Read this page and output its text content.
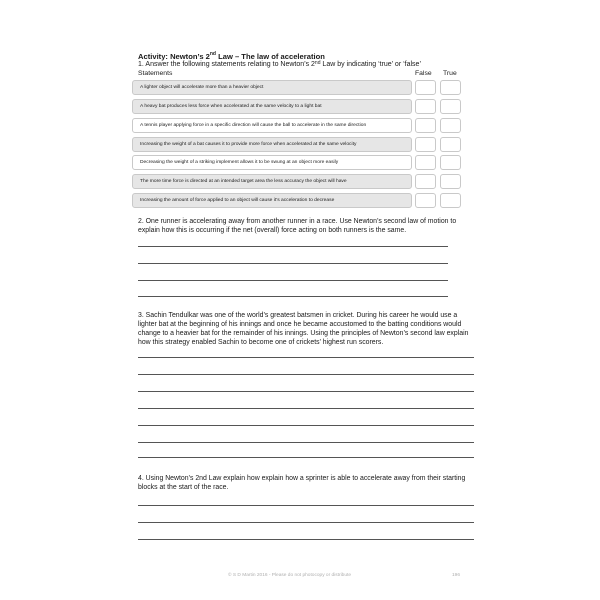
Activity: Newton’s 2nd Law – The law of acceleration
1. Answer the following statements relating to Newton’s 2nd Law by indicating ‘true’ or ‘false’
Statements	False True
A lighter object will accelerate more than a heavier object
A heavy bat produces less force when accelerated at the same velocity to a light bat
A tennis player applying force in a specific direction will cause the ball to accelerate in the same direction
Increasing the weight of a bat causes it to provide more force when accelerated at the same velocity
Decreasing the weight of a striking implement allows it to be swung at an object more easily
The more time force is directed at an intended target area the less accuracy the object will have
Increasing the amount of force applied to an object will cause it’s acceleration to decrease
2. One runner is accelerating away from another runner in a race. Use Newton’s second law of motion to explain how this is occurring if the net (overall) force acting on both runners is the same.
3. Sachin Tendulkar was one of the world’s greatest batsmen in cricket. During his career he would use a lighter bat at the beginning of his innings and once he became accustomed to the batting conditions would change to a heavier bat for the remainder of his innings. Using the principles of Newton’s second law explain how this strategy enabled Sachin to become one of crickets’ highest run scorers.
4. Using Newton’s 2nd Law explain how explain how a sprinter is able to accelerate away from their starting blocks at the start of the race.
© S D Martin 2016 - Please do not photocopy or distribute	196
